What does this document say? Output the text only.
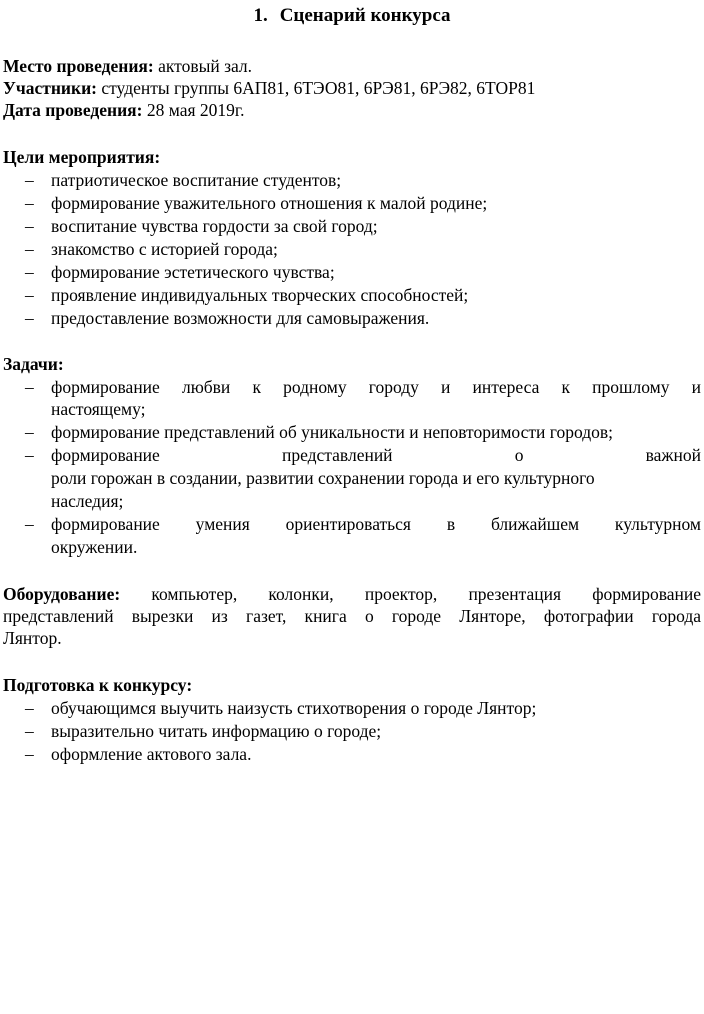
1. Сценарий конкурса
Место проведения: актовый зал.
Участники: студенты группы 6АП81, 6ТЭО81, 6РЭ81, 6РЭ82, 6ТОР81
Дата проведения: 28 мая 2019г.
Цели мероприятия:
– патриотическое воспитание студентов;
– формирование уважительного отношения к малой родине;
– воспитание чувства гордости за свой город;
– знакомство с историей города;
– формирование эстетического чувства;
– проявление индивидуальных творческих способностей;
– предоставление возможности для самовыражения.
Задачи:
– формирование любви к родному городу и интереса к прошлому и
настоящему;
– формирование представлений об уникальности и неповторимости городов;
– формирование представлений о важной
роли горожан в создании, развитии сохранении города и его культурного
наследия;
– формирование умения ориентироваться в ближайшем культурном
окружении.
Оборудование: компьютер, колонки, проектор, презентация формирование
представлений вырезки из газет, книга о городе Лянторе, фотографии города
Лянтор.
Подготовка к конкурсу:
– обучающимся выучить наизусть стихотворения о городе Лянтор;
– выразительно читать информацию о городе;
– оформление актового зала.
